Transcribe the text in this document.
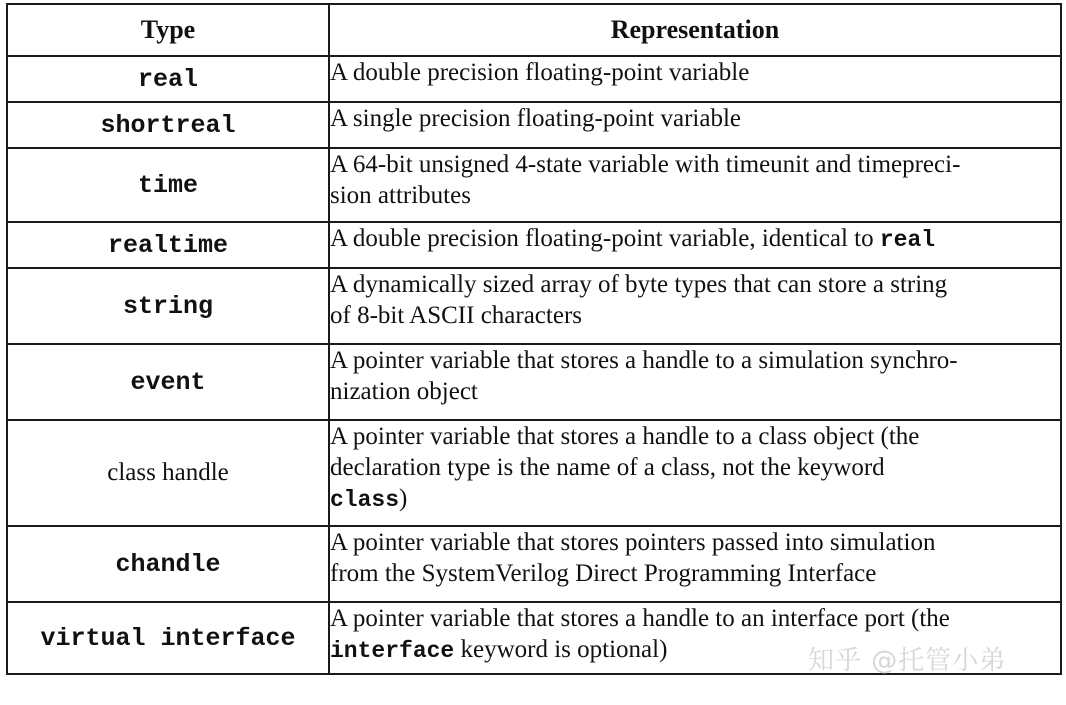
Type	Representation
real	A double precision floating-point variable
shortreal	A single precision floating-point variable
time	A 64-bit unsigned 4-state variable with timeunit and timepreci-
sion attributes
realtime	A double precision floating-point variable, identical to real
string	A dynamically sized array of byte types that can store a string
of 8-bit ASCII characters
event	A pointer variable that stores a handle to a simulation synchro-
nization object
class handle	A pointer variable that stores a handle to a class object (the
declaration type is the name of a class, not the keyword
class)
chandle	A pointer variable that stores pointers passed into simulation
from the SystemVerilog Direct Programming Interface
virtual interface	A pointer variable that stores a handle to an interface port (the
interface keyword is optional)	知乎 @托管小弟
